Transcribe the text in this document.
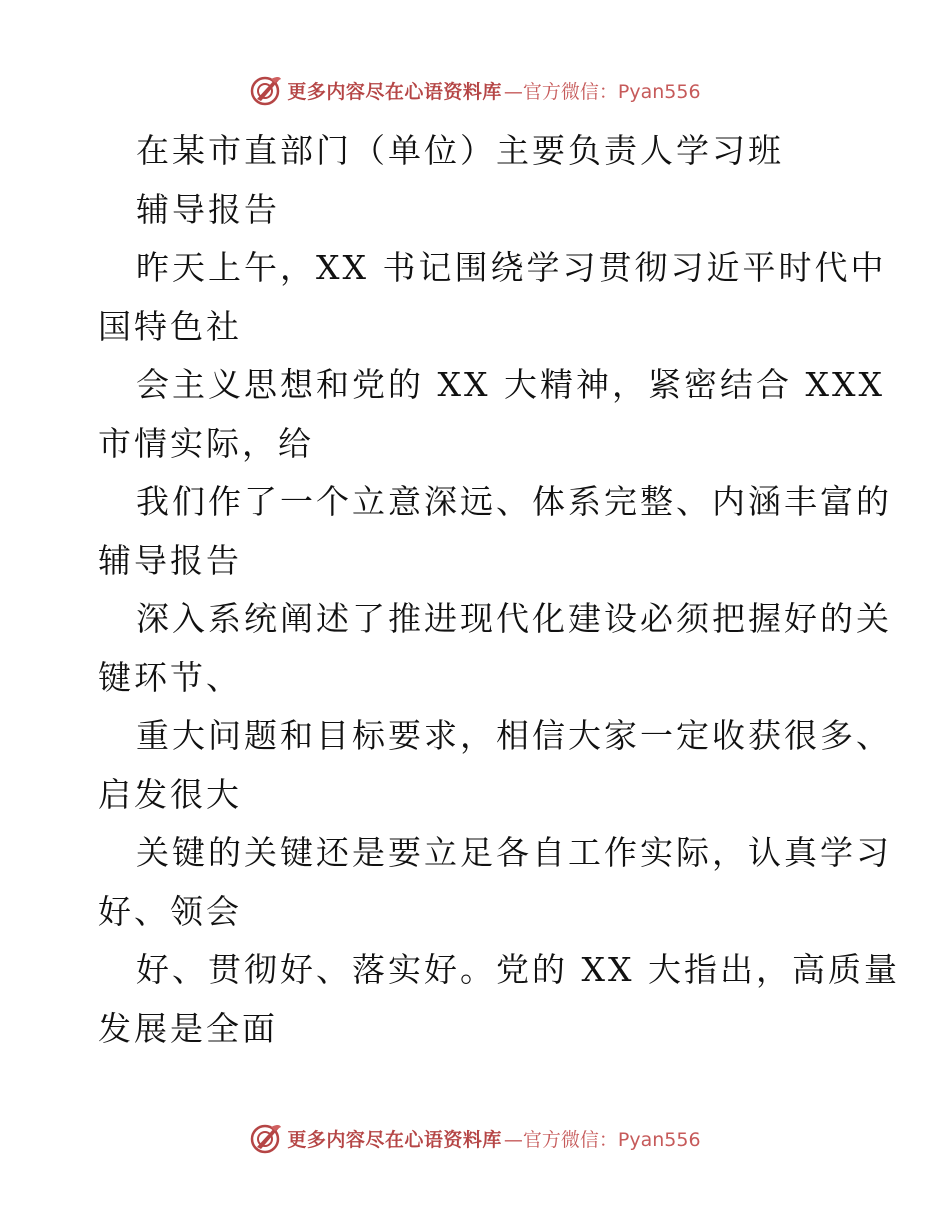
更多内容尽在心语资料库 —官方微信：Pyan556
在某市直部门（单位）主要负责人学习班
辅导报告
昨天上午，XX 书记围绕学习贯彻习近平时代中
国特色社
会主义思想和党的 XX 大精神，紧密结合 XXX
市情实际，给
我们作了一个立意深远、体系完整、内涵丰富的
辅导报告
深入系统阐述了推进现代化建设必须把握好的关
键环节、
重大问题和目标要求，相信大家一定收获很多、
启发很大
关键的关键还是要立足各自工作实际，认真学习
好、领会
好、贯彻好、落实好。党的 XX 大指出，高质量
发展是全面
更多内容尽在心语资料库 —官方微信：Pyan556
